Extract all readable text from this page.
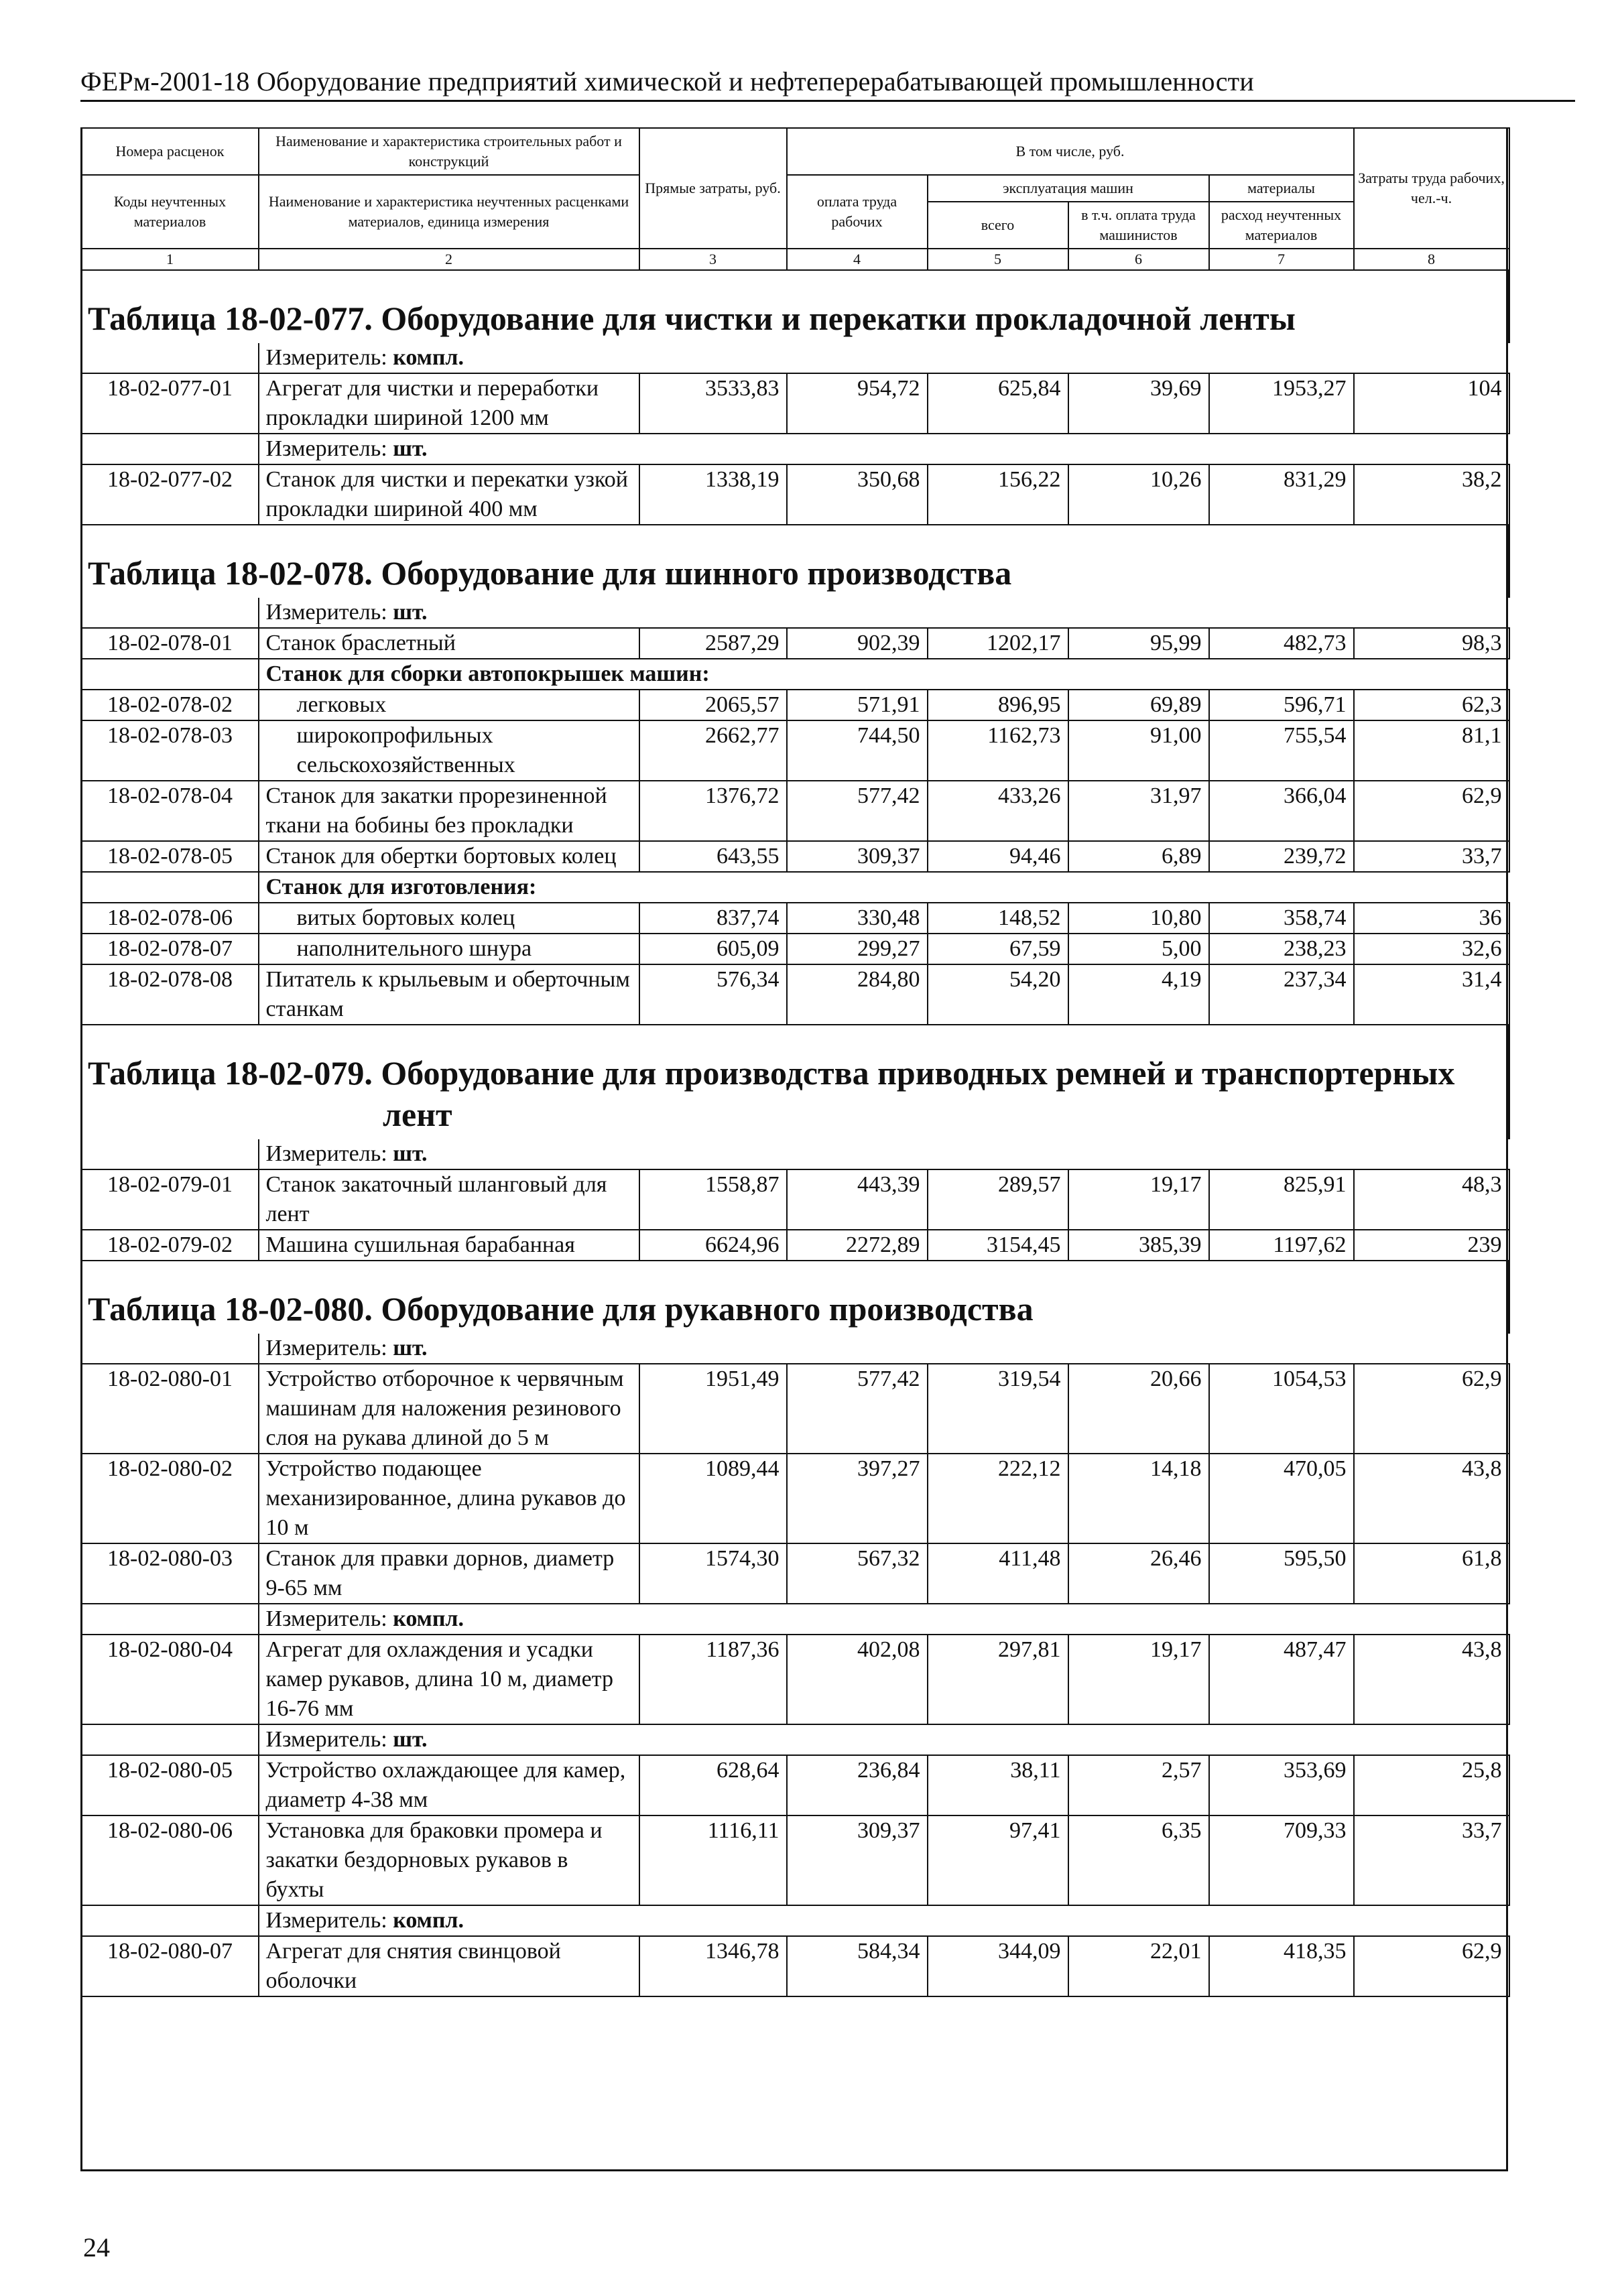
ФЕРм-2001-18 Оборудование предприятий химической и нефтеперерабатывающей промышленности
Номера расценок	Наименование и характеристика строительных работ и конструкций	Прямые затраты, руб.	В том числе, руб.				Затраты труда рабочих, чел.-ч.
Коды неучтенных материалов	Наименование и характеристика неучтенных расценками материалов, единица измерения		оплата труда рабочих	эксплуатация машин		материалы	
				всего	в т.ч. оплата труда машинистов	расход неучтенных материалов	
1	2	3	4	5	6	7	8
Таблица 18-02-077. Оборудование для чистки и перекатки прокладочной ленты							
	Измеритель: компл.						
18-02-077-01	Агрегат для чистки и переработки прокладки шириной 1200 мм	3533,83	954,72	625,84	39,69	1953,27	104
	Измеритель: шт.						
18-02-077-02	Станок для чистки и перекатки узкой прокладки шириной 400 мм	1338,19	350,68	156,22	10,26	831,29	38,2
Таблица 18-02-078. Оборудование для шинного производства							
	Измеритель: шт.						
18-02-078-01	Станок браслетный	2587,29	902,39	1202,17	95,99	482,73	98,3
	Станок для сборки автопокрышек машин:						
18-02-078-02	легковых	2065,57	571,91	896,95	69,89	596,71	62,3
18-02-078-03	широкопрофильных сельскохозяйственных	2662,77	744,50	1162,73	91,00	755,54	81,1
18-02-078-04	Станок для закатки прорезиненной ткани на бобины без прокладки	1376,72	577,42	433,26	31,97	366,04	62,9
18-02-078-05	Станок для обертки бортовых колец	643,55	309,37	94,46	6,89	239,72	33,7
	Станок для изготовления:						
18-02-078-06	витых бортовых колец	837,74	330,48	148,52	10,80	358,74	36
18-02-078-07	наполнительного шнура	605,09	299,27	67,59	5,00	238,23	32,6
18-02-078-08	Питатель к крыльевым и оберточным станкам	576,34	284,80	54,20	4,19	237,34	31,4
Таблица 18-02-079. Оборудование для производства приводных ремней и транспортерных
лент							

	Измеритель: шт.						
18-02-079-01	Станок закаточный шланговый для лент	1558,87	443,39	289,57	19,17	825,91	48,3
18-02-079-02	Машина сушильная барабанная	6624,96	2272,89	3154,45	385,39	1197,62	239
Таблица 18-02-080. Оборудование для рукавного производства							
	Измеритель: шт.						
18-02-080-01	Устройство отборочное к червячным машинам для наложения резинового слоя на рукава длиной до 5 м	1951,49	577,42	319,54	20,66	1054,53	62,9
18-02-080-02	Устройство подающее механизированное, длина рукавов до 10 м	1089,44	397,27	222,12	14,18	470,05	43,8
18-02-080-03	Станок для правки дорнов, диаметр 9-65 мм	1574,30	567,32	411,48	26,46	595,50	61,8
	Измеритель: компл.						
18-02-080-04	Агрегат для охлаждения и усадки камер рукавов, длина 10 м, диаметр 16-76 мм	1187,36	402,08	297,81	19,17	487,47	43,8
	Измеритель: шт.						
18-02-080-05	Устройство охлаждающее для камер, диаметр 4-38 мм	628,64	236,84	38,11	2,57	353,69	25,8
18-02-080-06	Установка для браковки промера и закатки бездорновых рукавов в бухты	1116,11	309,37	97,41	6,35	709,33	33,7
	Измеритель: компл.						
18-02-080-07	Агрегат для снятия свинцовой оболочки	1346,78	584,34	344,09	22,01	418,35	62,9
24
